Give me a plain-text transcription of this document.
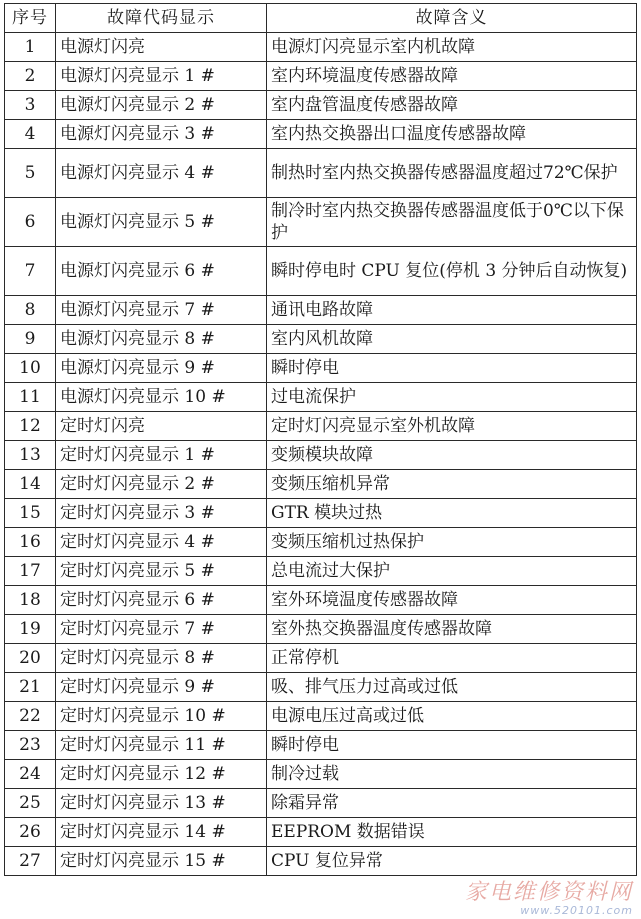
序号	故障代码显示	故障含义
1	电源灯闪亮	电源灯闪亮显示室内机故障
2	电源灯闪亮显示 1 #	室内环境温度传感器故障
3	电源灯闪亮显示 2 #	室内盘管温度传感器故障
4	电源灯闪亮显示 3 #	室内热交换器出口温度传感器故障
5	电源灯闪亮显示 4 #	制热时室内热交换器传感器温度超过72℃保护
6	电源灯闪亮显示 5 #	制冷时室内热交换器传感器温度低于0℃以下保护
7	电源灯闪亮显示 6 #	瞬时停电时 CPU 复位(停机 3 分钟后自动恢复)
8	电源灯闪亮显示 7 #	通讯电路故障
9	电源灯闪亮显示 8 #	室内风机故障
10	电源灯闪亮显示 9 #	瞬时停电
11	电源灯闪亮显示 10 #	过电流保护
12	定时灯闪亮	定时灯闪亮显示室外机故障
13	定时灯闪亮显示 1 #	变频模块故障
14	定时灯闪亮显示 2 #	变频压缩机异常
15	定时灯闪亮显示 3 #	GTR 模块过热
16	定时灯闪亮显示 4 #	变频压缩机过热保护
17	定时灯闪亮显示 5 #	总电流过大保护
18	定时灯闪亮显示 6 #	室外环境温度传感器故障
19	定时灯闪亮显示 7 #	室外热交换器温度传感器故障
20	定时灯闪亮显示 8 #	正常停机
21	定时灯闪亮显示 9 #	吸、排气压力过高或过低
22	定时灯闪亮显示 10 #	电源电压过高或过低
23	定时灯闪亮显示 11 #	瞬时停电
24	定时灯闪亮显示 12 #	制冷过载
25	定时灯闪亮显示 13 #	除霜异常
26	定时灯闪亮显示 14 #	EEPROM 数据错误
27	定时灯闪亮显示 15 #	CPU 复位异常
家电维修资料网
www.520101.com
